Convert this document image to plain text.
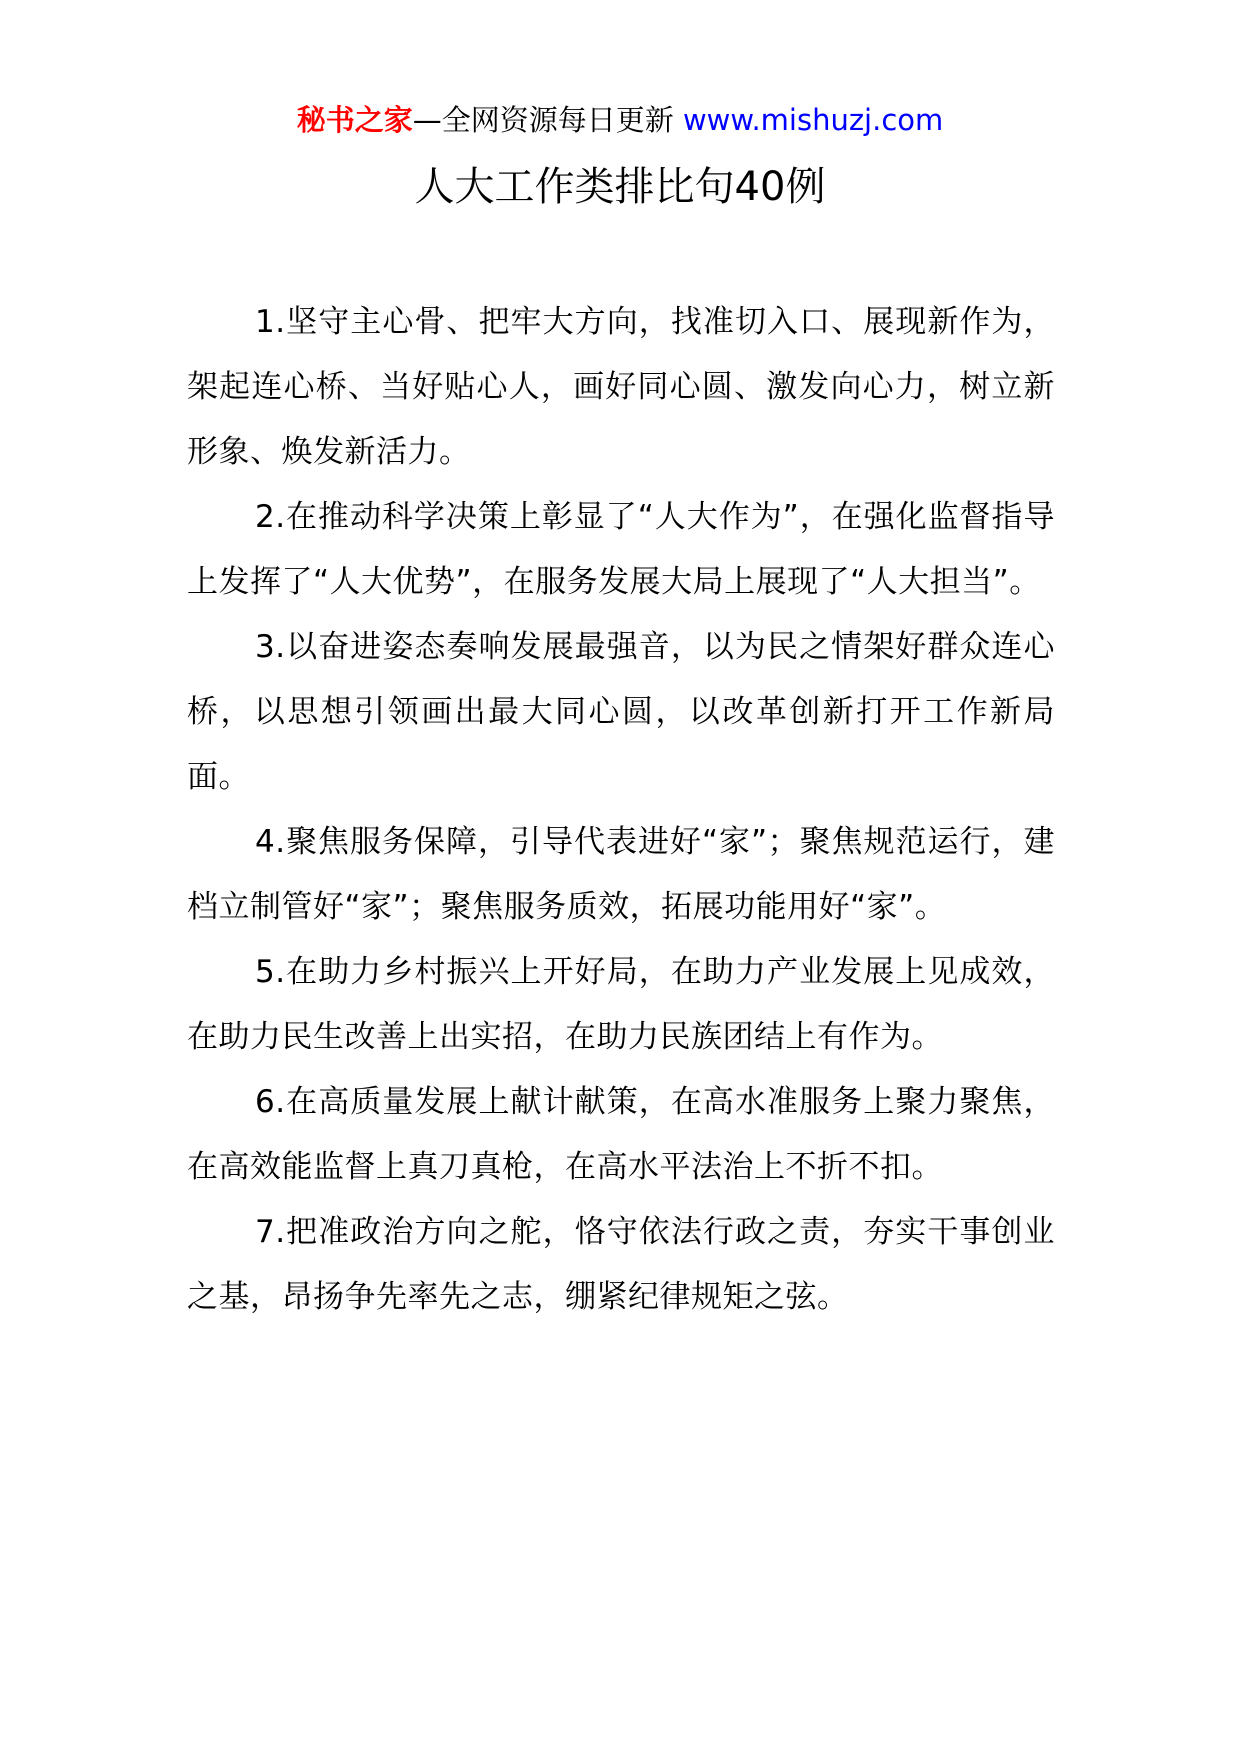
秘书之家—全网资源每日更新 www.mishuzj.com
人大工作类排比句40例

1.坚守主心骨、把牢大方向，找准切入口、展现新作为，架起连心桥、当好贴心人，画好同心圆、激发向心力，树立新形象、焕发新活力。

2.在推动科学决策上彰显了“人大作为”，在强化监督指导上发挥了“人大优势”，在服务发展大局上展现了“人大担当”。

3.以奋进姿态奏响发展最强音，以为民之情架好群众连心桥，以思想引领画出最大同心圆，以改革创新打开工作新局面。

4.聚焦服务保障，引导代表进好“家”；聚焦规范运行，建档立制管好“家”；聚焦服务质效，拓展功能用好“家”。

5.在助力乡村振兴上开好局，在助力产业发展上见成效，在助力民生改善上出实招，在助力民族团结上有作为。

6.在高质量发展上献计献策，在高水准服务上聚力聚焦，在高效能监督上真刀真枪，在高水平法治上不折不扣。

7.把准政治方向之舵，恪守依法行政之责，夯实干事创业之基，昂扬争先率先之志，绷紧纪律规矩之弦。
